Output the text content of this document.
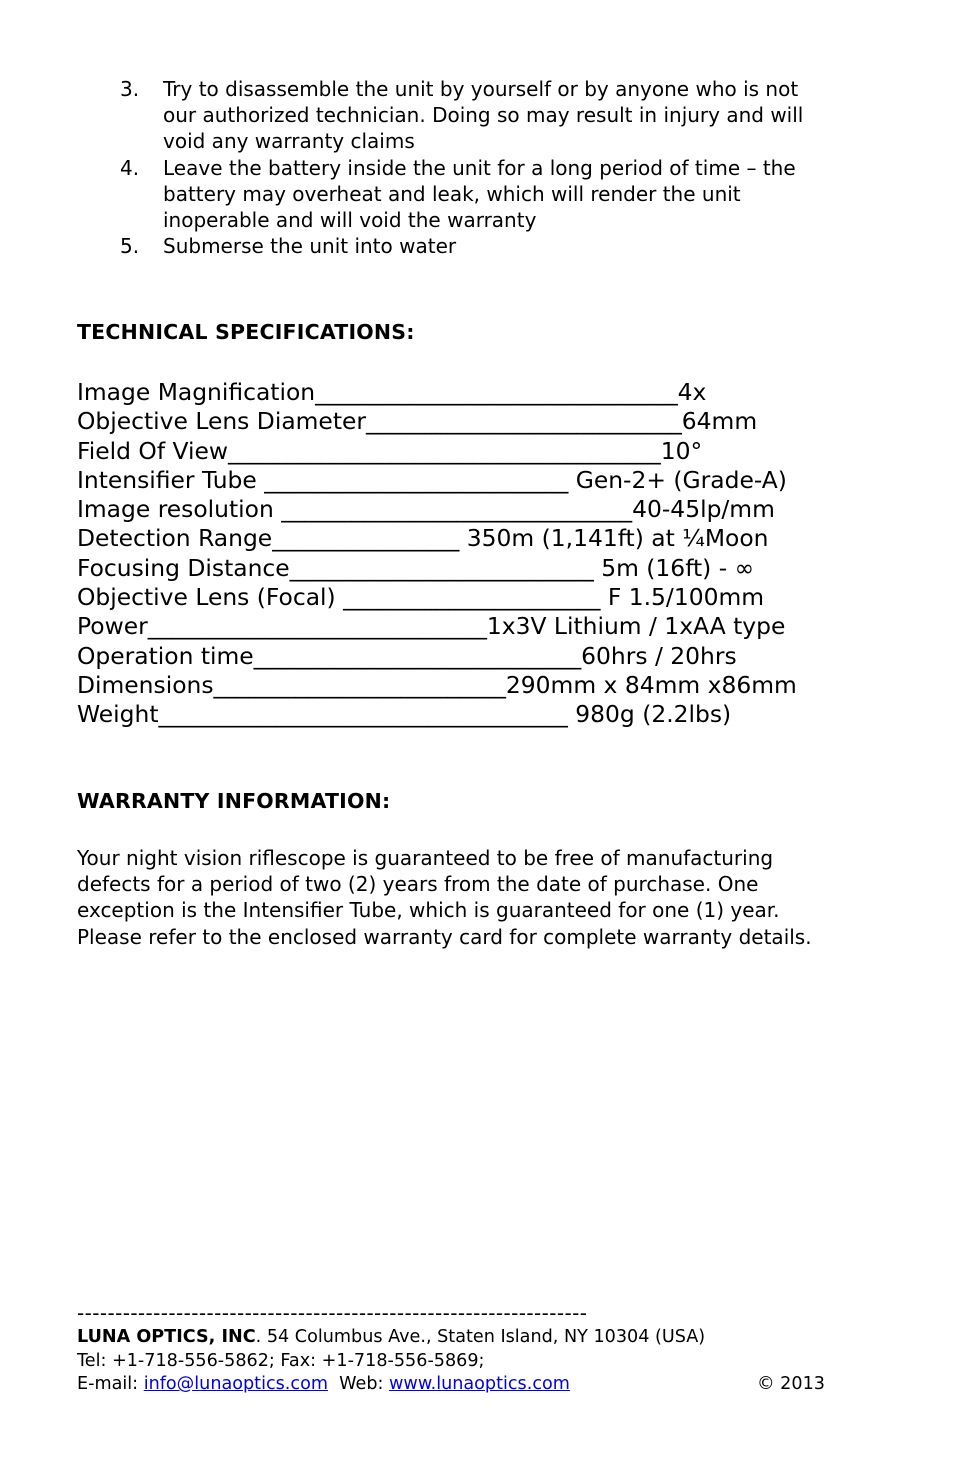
3. Try to disassemble the unit by yourself or by anyone who is not
our authorized technician. Doing so may result in injury and will
void any warranty claims
4. Leave the battery inside the unit for a long period of time – the
battery may overheat and leak, which will render the unit
inoperable and will void the warranty
5. Submerse the unit into water
TECHNICAL SPECIFICATIONS:
Image Magnification_______________________________4x
Objective Lens Diameter___________________________64mm
Field Of View_____________________________________10°
Intensifier Tube __________________________ Gen-2+ (Grade-A)
Image resolution ______________________________40-45lp/mm
Detection Range________________ 350m (1,141ft) at ¼Moon
Focusing Distance__________________________ 5m (16ft) - ∞
Objective Lens (Focal) ______________________ F 1.5/100mm
Power_____________________________1x3V Lithium / 1xAA type
Operation time____________________________60hrs / 20hrs
Dimensions_________________________290mm x 84mm x86mm
Weight___________________________________ 980g (2.2lbs)
WARRANTY INFORMATION:
Your night vision riflescope is guaranteed to be free of manufacturing
defects for a period of two (2) years from the date of purchase. One
exception is the Intensifier Tube, which is guaranteed for one (1) year.
Please refer to the enclosed warranty card for complete warranty details.
-------------------------------------------------------------------
LUNA OPTICS, INC. 54 Columbus Ave., Staten Island, NY 10304 (USA)
Tel: +1-718-556-5862; Fax: +1-718-556-5869;
E-mail: info@lunaoptics.com  Web: www.lunaoptics.com	© 2013
